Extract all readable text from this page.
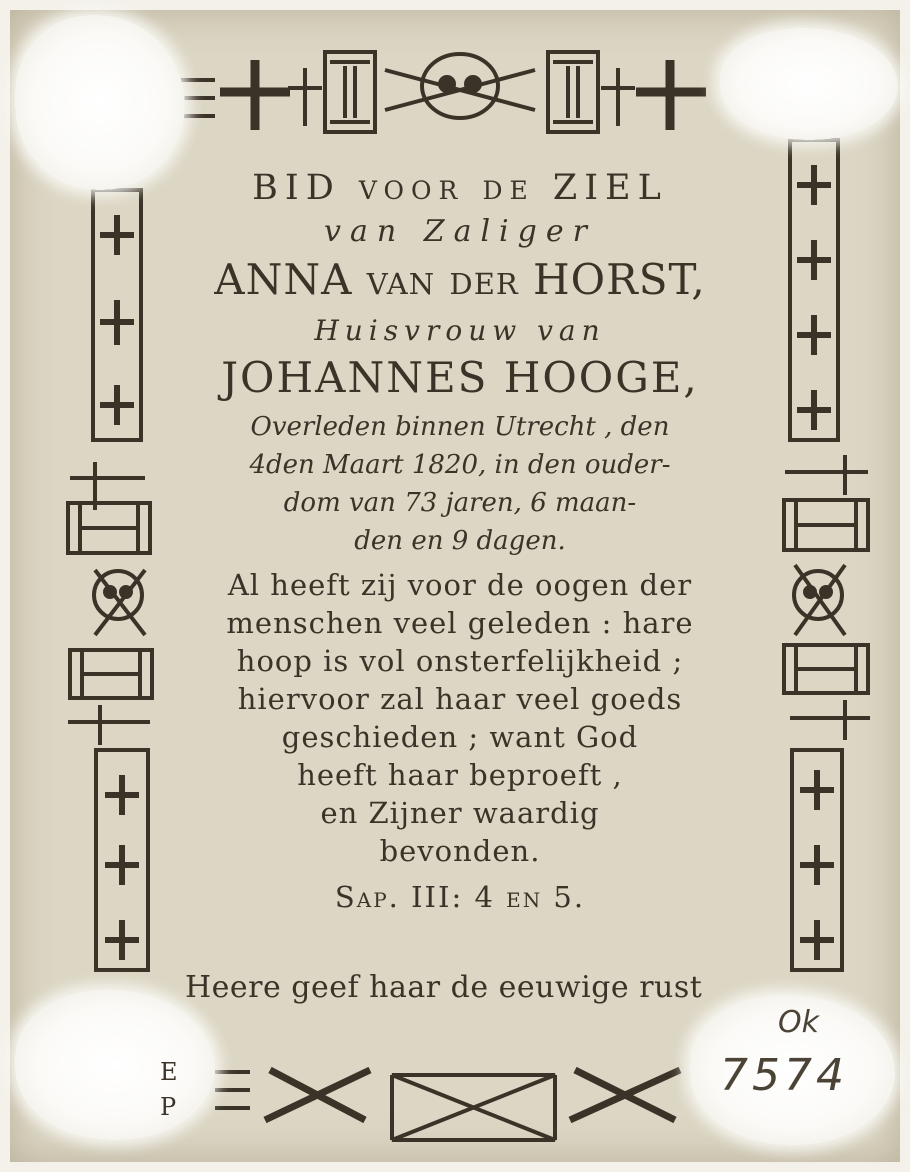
BID voor de ZIEL
van Zaliger
ANNA van der HORST,
Huisvrouw van
JOHANNES HOOGE,
Overleden binnen Utrecht , den
4den Maart 1820, in den ouder-
dom van 73 jaren, 6 maan-
den en 9 dagen.
Al heeft zij voor de oogen der
menschen veel geleden : hare
hoop is vol onsterfelijkheid ;
hiervoor zal haar veel goeds
geschieden ; want God
heeft haar beproeft ,
en Zijner waardig
bevonden.
Sap. III: 4 en 5.
Heere geef haar de eeuwige rust
E
P
Ok
7574
